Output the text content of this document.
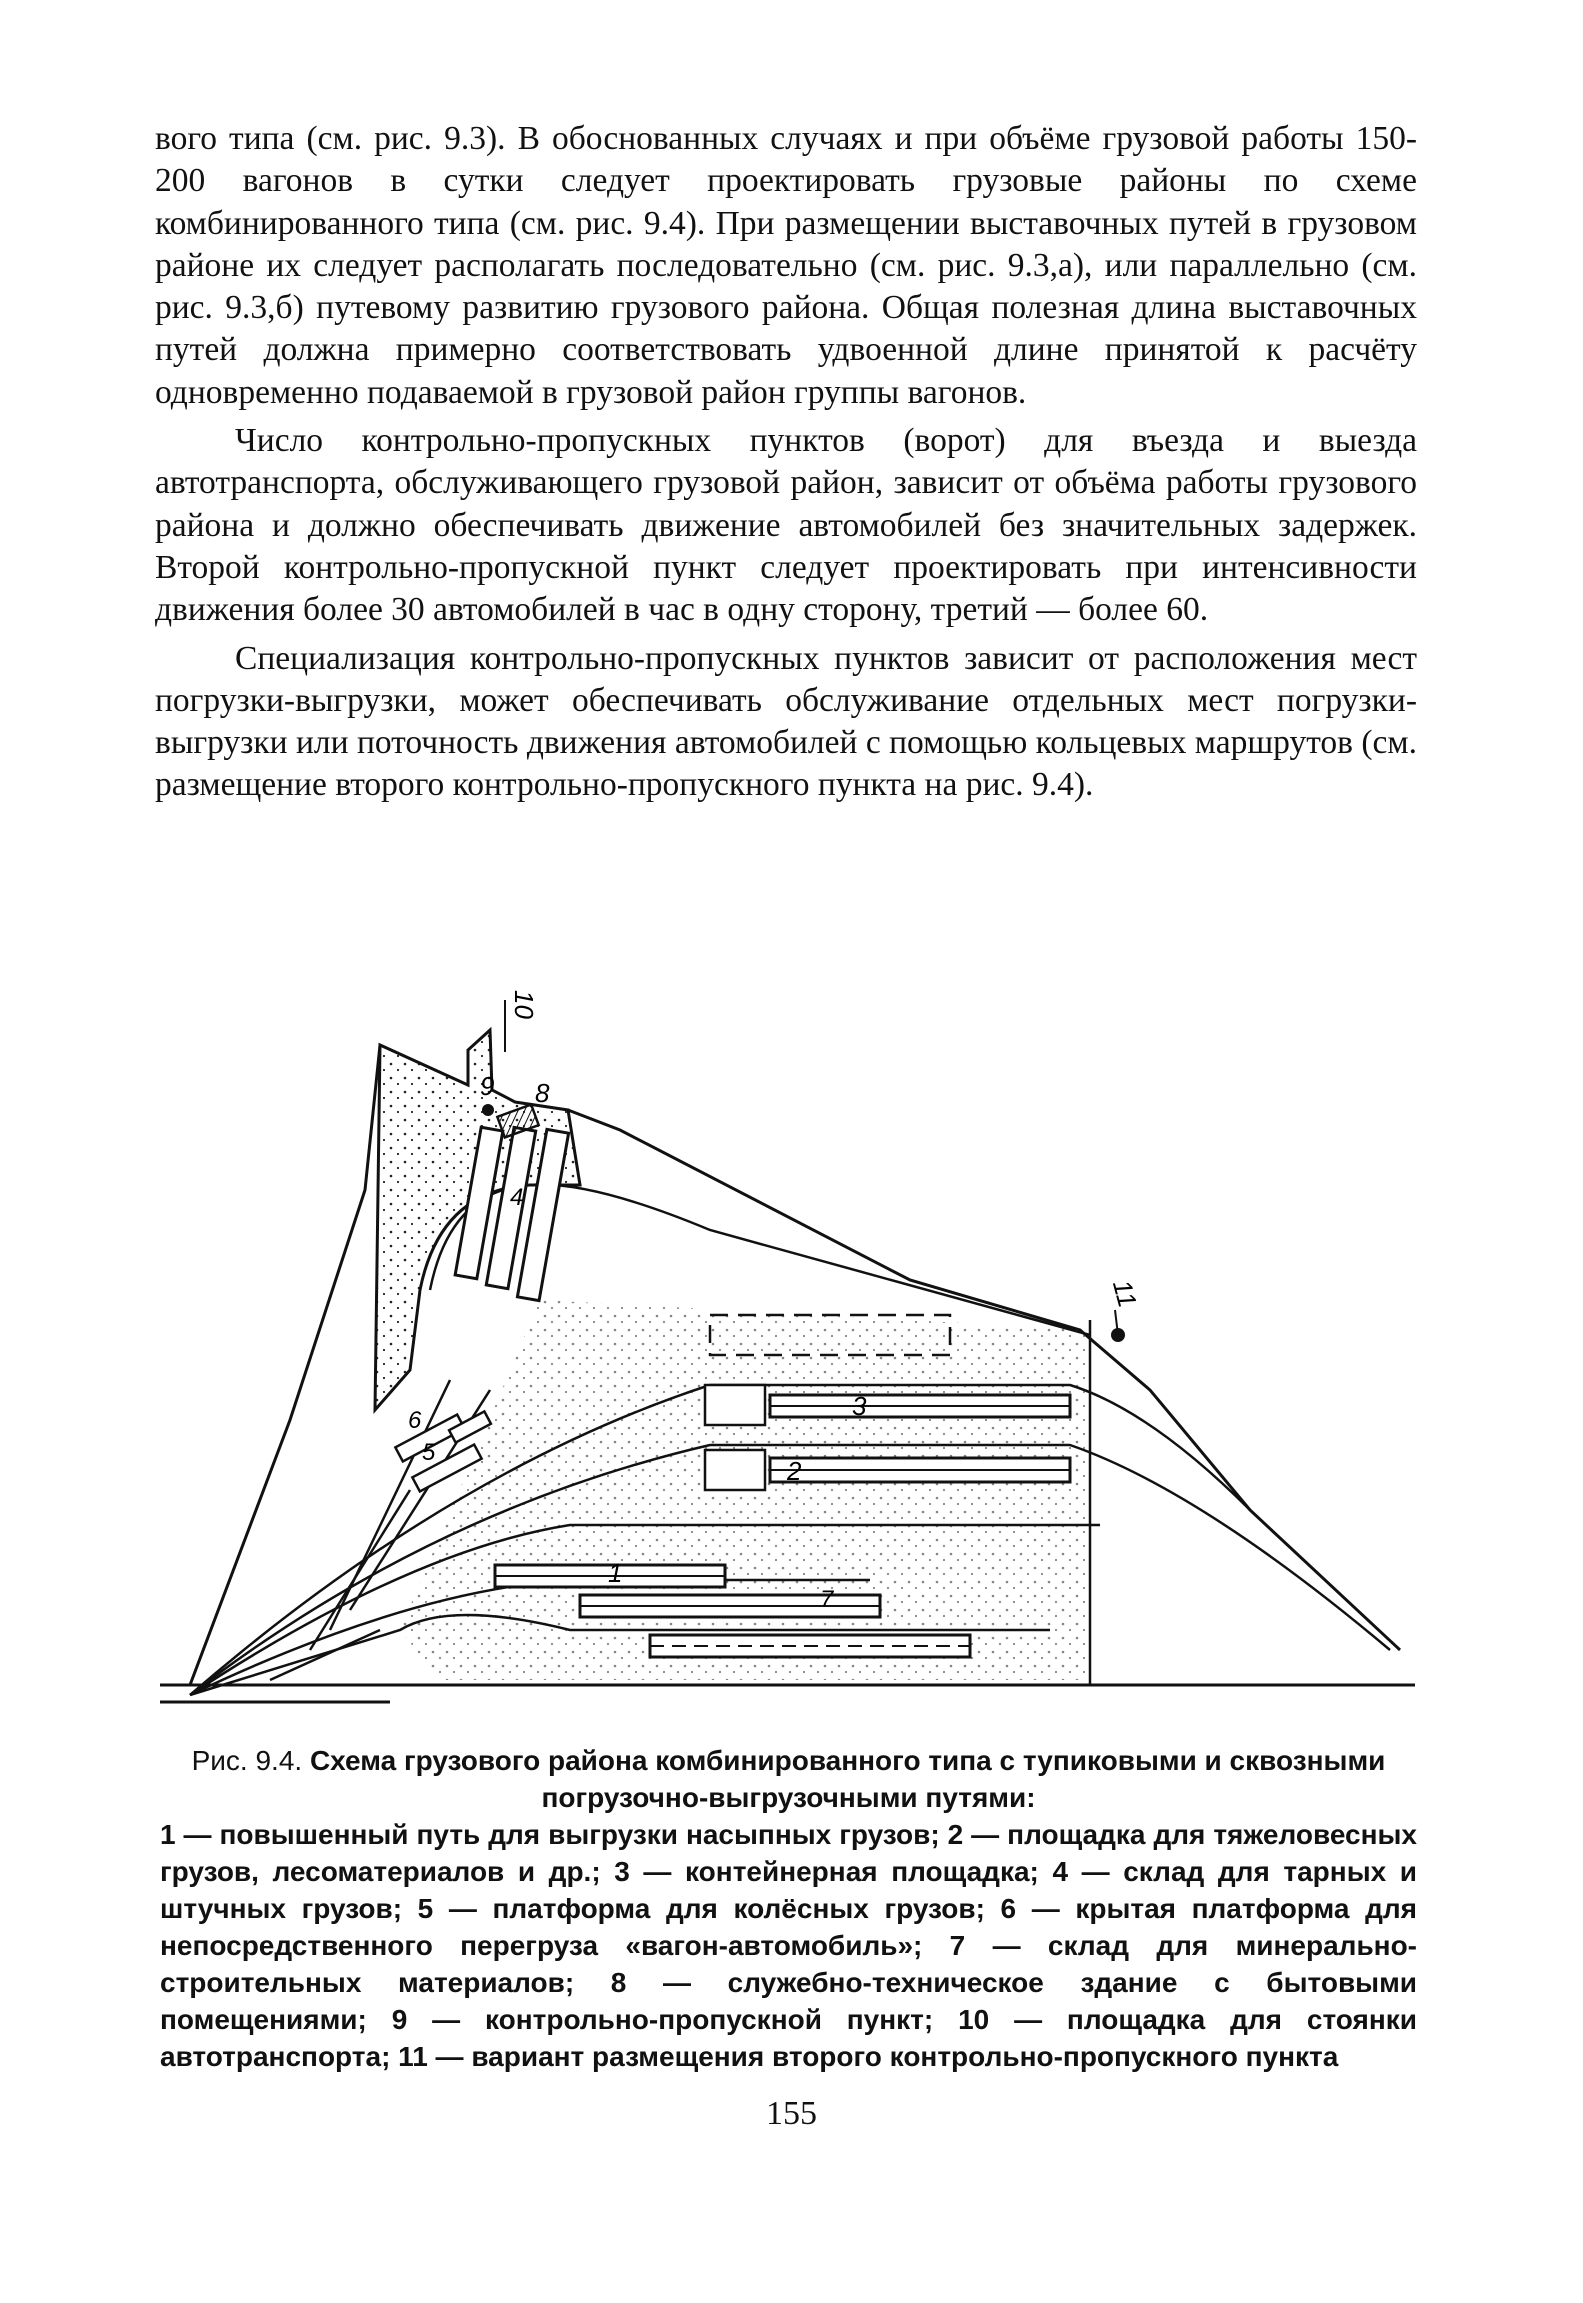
вого типа (см. рис. 9.3). В обоснованных случаях и при объёме грузовой работы 150-200 вагонов в сутки следует проектировать грузовые районы по схеме комбинированного типа (см. рис. 9.4). При размещении выставочных путей в грузовом районе их следует располагать последовательно (см. рис. 9.3,а), или параллельно (см. рис. 9.3,б) путевому развитию грузового района. Общая полезная длина выставочных путей должна примерно соответствовать удвоенной длине принятой к расчёту одновременно подаваемой в грузовой район группы вагонов.

Число контрольно-пропускных пунктов (ворот) для въезда и выезда автотранспорта, обслуживающего грузовой район, зависит от объёма работы грузового района и должно обеспечивать движение автомобилей без значительных задержек. Второй контрольно-пропускной пункт следует проектировать при интенсивности движения более 30 автомобилей в час в одну сторону, третий — более 60.

Специализация контрольно-пропускных пунктов зависит от расположения мест погрузки-выгрузки, может обеспечивать обслуживание отдельных мест погрузки-выгрузки или поточность движения автомобилей с помощью кольцевых маршрутов (см. размещение второго контрольно-пропускного пункта на рис. 9.4).

1
2
3
4
5
6
7
8
9
10
11
Рис. 9.4. Схема грузового района комбинированного типа с тупиковыми и сквозными погрузочно-выгрузочными путями:
1 — повышенный путь для выгрузки насыпных грузов; 2 — площадка для тяжеловесных грузов, лесоматериалов и др.; 3 — контейнерная площадка; 4 — склад для тарных и штучных грузов; 5 — платформа для колёсных грузов; 6 — крытая платформа для непосредственного перегруза «вагон-автомобиль»; 7 — склад для минерально-строительных материалов; 8 — служебно-техническое здание с бытовыми помещениями; 9 — контрольно-пропускной пункт; 10 — площадка для стоянки автотранспорта; 11 — вариант размещения второго контрольно-пропускного пункта
155
